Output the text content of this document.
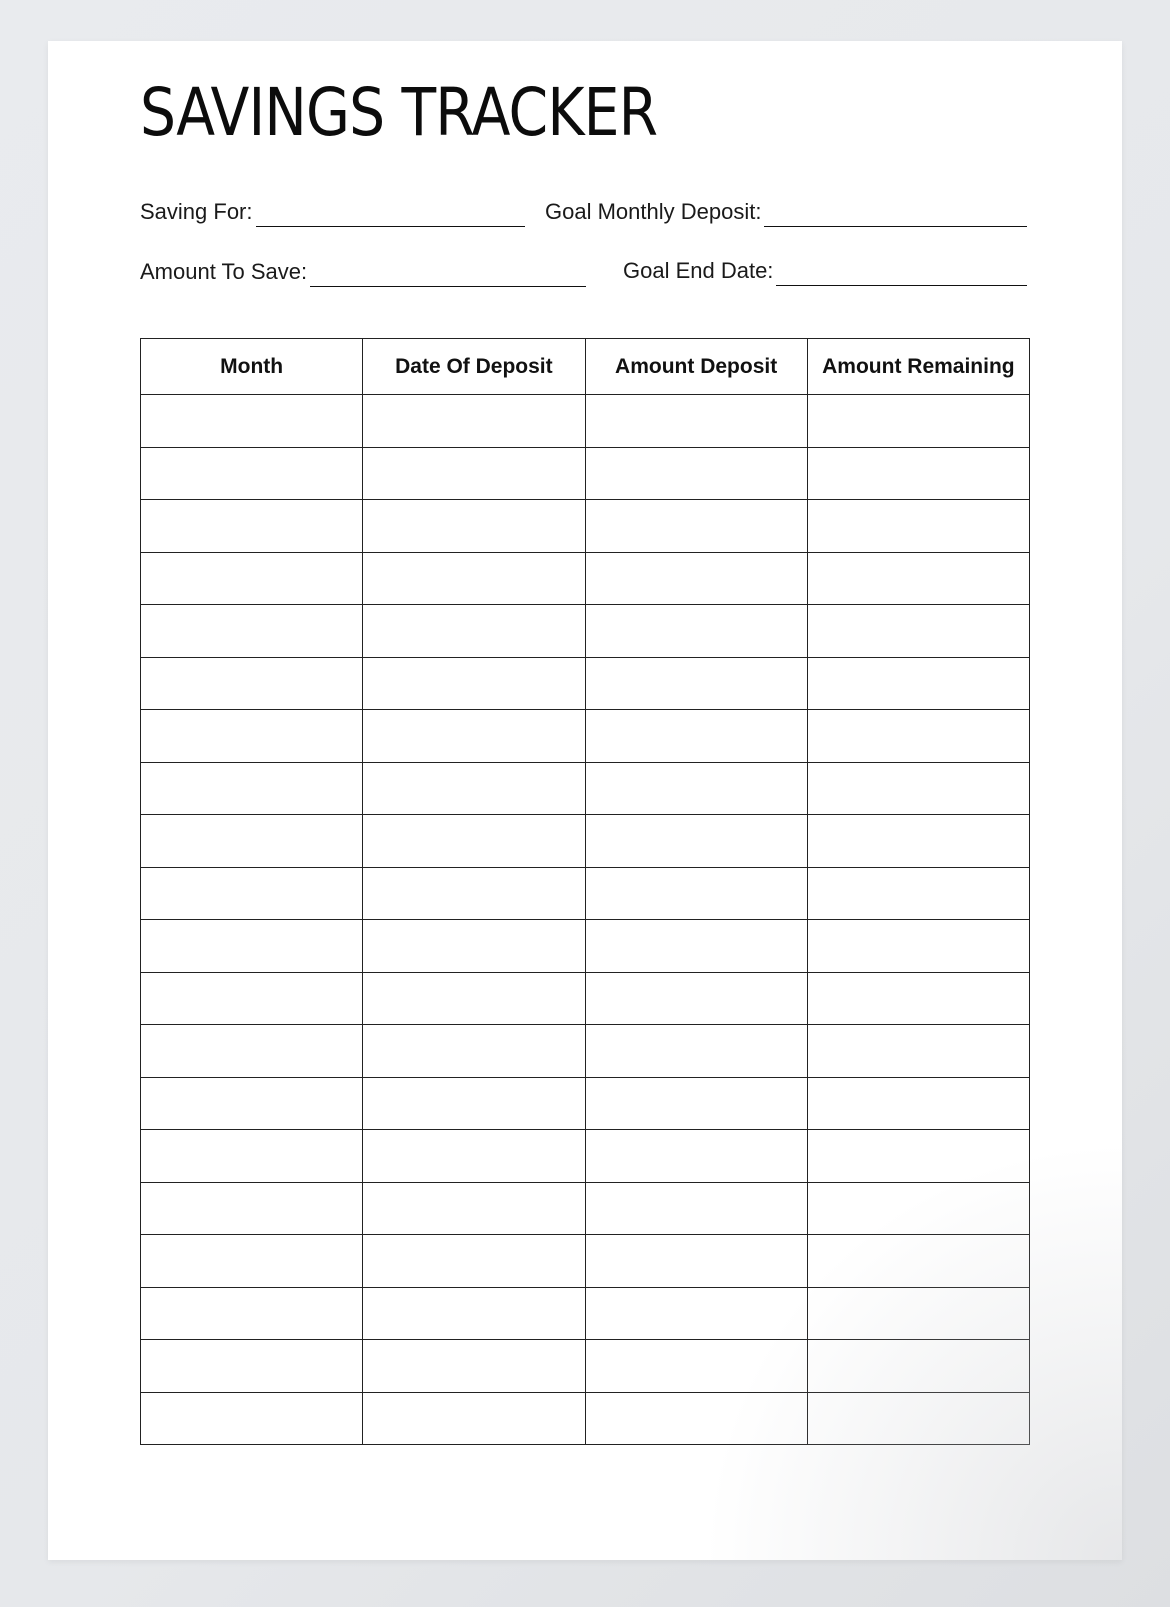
SAVINGS TRACKER
Saving For:	Goal Monthly Deposit:
Amount To Save:	Goal End Date:
Month	Date Of Deposit	Amount Deposit	Amount Remaining
